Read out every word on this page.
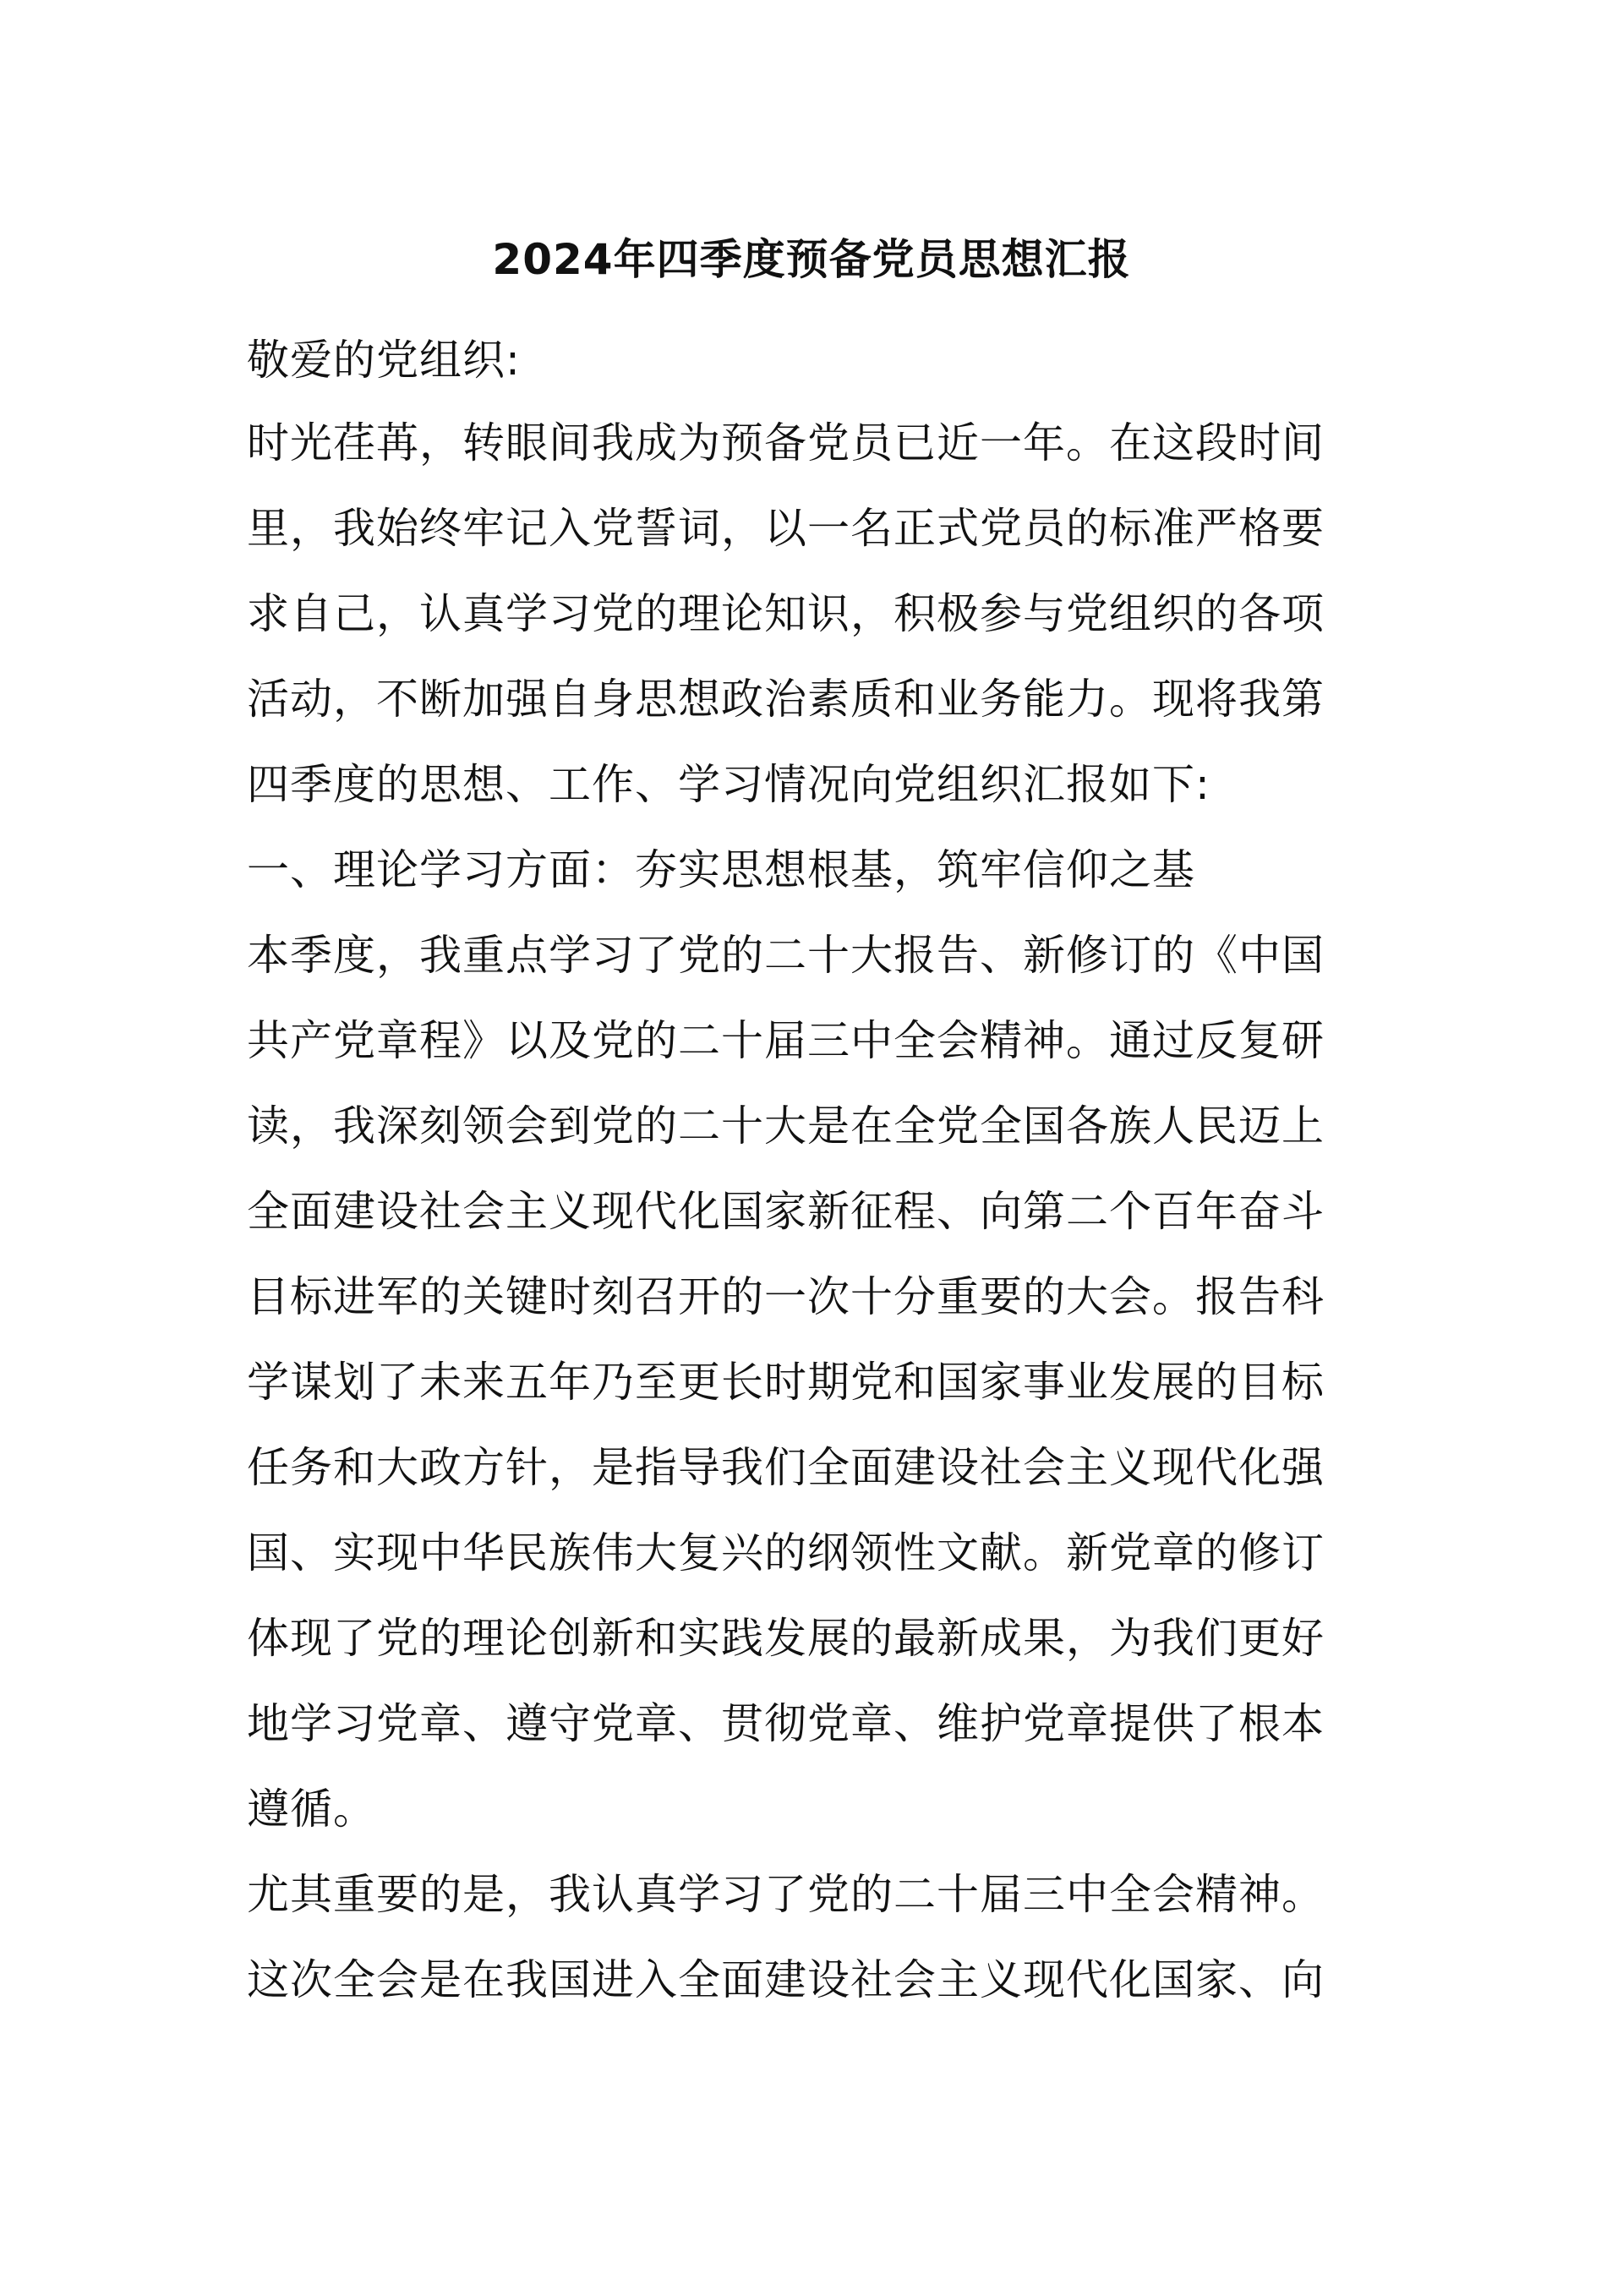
2024年四季度预备党员思想汇报
敬爱的党组织:
时光荏苒，转眼间我成为预备党员已近一年。在这段时间
里，我始终牢记入党誓词，以一名正式党员的标准严格要
求自己，认真学习党的理论知识，积极参与党组织的各项
活动，不断加强自身思想政治素质和业务能力。现将我第
四季度的思想、工作、学习情况向党组织汇报如下:
一、理论学习方面：夯实思想根基，筑牢信仰之基
本季度，我重点学习了党的二十大报告、新修订的《中国
共产党章程》以及党的二十届三中全会精神。通过反复研
读，我深刻领会到党的二十大是在全党全国各族人民迈上
全面建设社会主义现代化国家新征程、向第二个百年奋斗
目标进军的关键时刻召开的一次十分重要的大会。报告科
学谋划了未来五年乃至更长时期党和国家事业发展的目标
任务和大政方针，是指导我们全面建设社会主义现代化强
国、实现中华民族伟大复兴的纲领性文献。新党章的修订
体现了党的理论创新和实践发展的最新成果，为我们更好
地学习党章、遵守党章、贯彻党章、维护党章提供了根本
遵循。
尤其重要的是，我认真学习了党的二十届三中全会精神。
这次全会是在我国进入全面建设社会主义现代化国家、向
